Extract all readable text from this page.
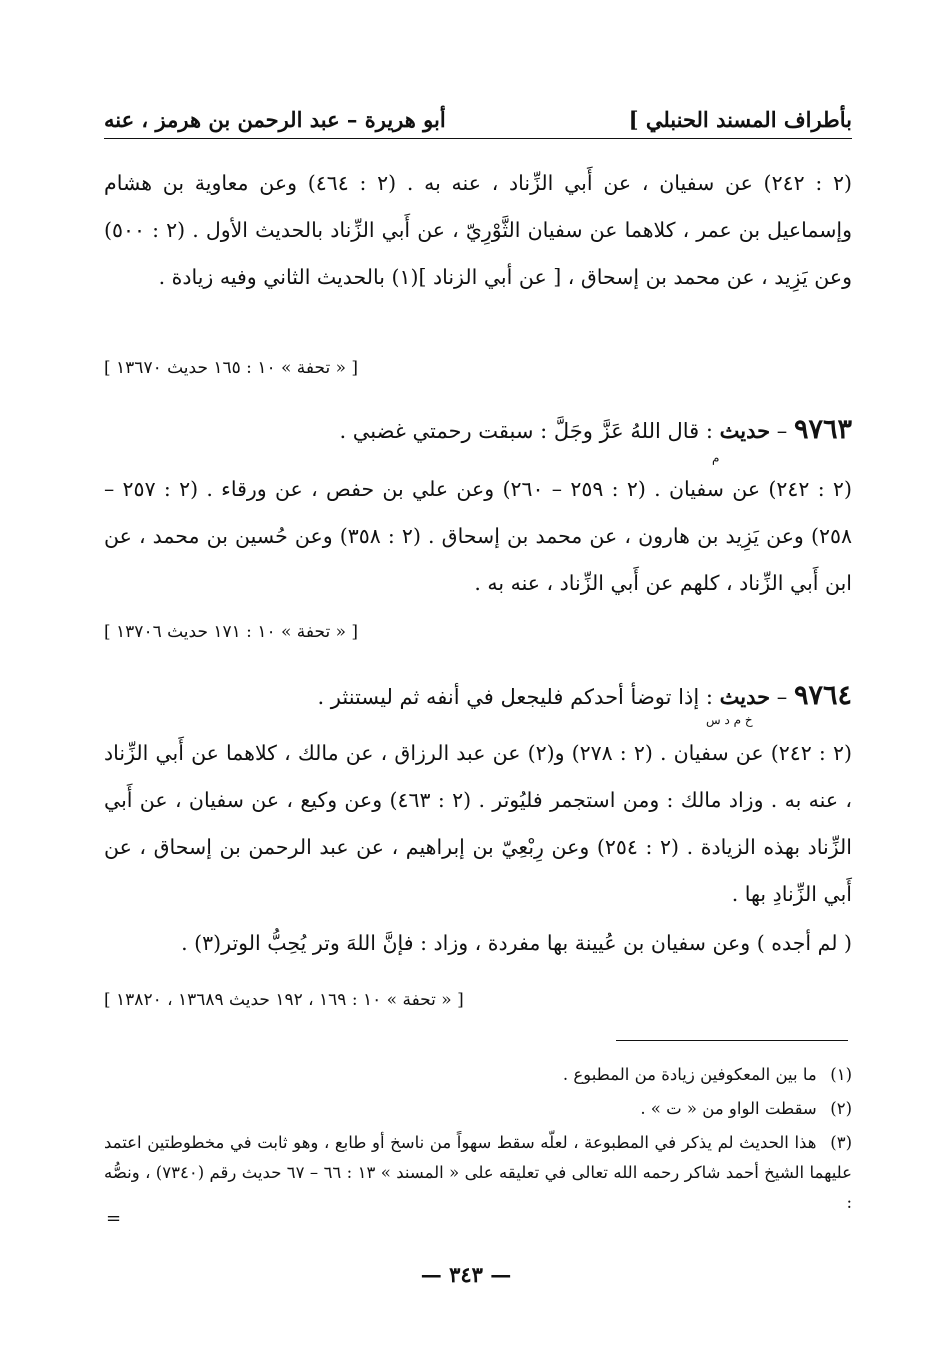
أبو هريرة – عبد الرحمن بن هرمز ، عنه	بأطراف المسند الحنبلي ]
(٢ : ٢٤٢) عن سفيان ، عن أَبي الزِّناد ، عنه به . (٢ : ٤٦٤) وعن معاوية بن هشام وإسماعيل بن عمر ، كلاهما عن سفيان الثَّوْرِيّ ، عن أَبي الزِّناد بالحديث الأول . (٢ : ٥٠٠) وعن يَزِيد ، عن محمد بن إسحاق ، [ عن أبي الزناد ](١) بالحديث الثاني وفيه زيادة .
[ « تحفة » ١٠ : ١٦٥ حديث ١٣٦٧٠ ]
٩٧٦٣ – حديث : قال اللهُ عَزَّ وجَلَّ : سبقت رحمتي غضبي .
م
(٢ : ٢٤٢) عن سفيان . (٢ : ٢٥٩ – ٢٦٠) وعن علي بن حفص ، عن ورقاء . (٢ : ٢٥٧ – ٢٥٨) وعن يَزِيد بن هارون ، عن محمد بن إسحاق . (٢ : ٣٥٨) وعن حُسين بن محمد ، عن ابن أَبي الزِّناد ، كلهم عن أَبي الزِّناد ، عنه به .
[ « تحفة » ١٠ : ١٧١ حديث ١٣٧٠٦ ]
٩٧٦٤ – حديث : إذا توضأ أحدكم فليجعل في أنفه ثم ليستنثر .
خ م د س
(٢ : ٢٤٢) عن سفيان . (٢ : ٢٧٨) و(٢) عن عبد الرزاق ، عن مالك ، كلاهما عن أَبي الزِّناد ، عنه به . وزاد مالك : ومن استجمر فليُوتر . (٢ : ٤٦٣) وعن وكيع ، عن سفيان ، عن أَبي الزِّناد بهذه الزيادة . (٢ : ٢٥٤) وعن رِبْعِيّ بن إبراهيم ، عن عبد الرحمن بن إسحاق ، عن أَبي الزِّنادِ بها .
( لم أجده ) وعن سفيان بن عُيينة بها مفردة ، وزاد : فإنَّ اللهَ وتر يُحِبُّ الوتر(٣) .
[ « تحفة » ١٠ : ١٦٩ ، ١٩٢ حديث ١٣٦٨٩ ، ١٣٨٢٠ ]
(١) ما بين المعكوفين زيادة من المطبوع .
(٢) سقطت الواو من « ت » .
(٣) هذا الحديث لم يذكر في المطبوعة ، لعلّه سقط سهواً من ناسخ أو طابع ، وهو ثابت في مخطوطتين اعتمد عليهما الشيخ أحمد شاكر رحمه الله تعالى في تعليقه على « المسند » ١٣ : ٦٦ – ٦٧ حديث رقم (٧٣٤٠) ، ونصُّه :
=
— ٣٤٣ —
